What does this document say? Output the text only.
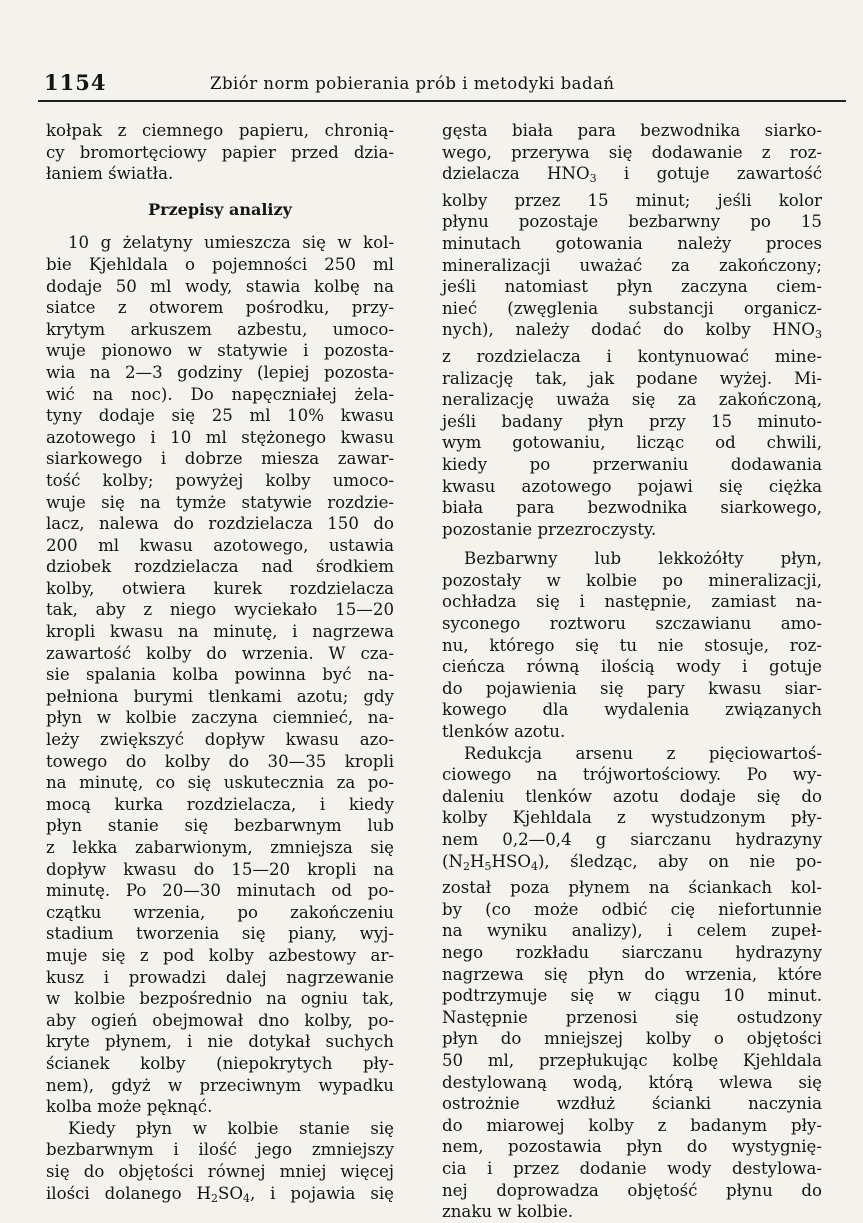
1154	Zbiór norm pobierania prób i metodyki badań
kołpak z ciemnego papieru, chronią-
cy bromortęciowy papier przed dzia-
łaniem światła.
Przepisy analizy
10 g żelatyny umieszcza się w kol-
bie Kjehldala o pojemności 250 ml
dodaje 50 ml wody, stawia kolbę na
siatce z otworem pośrodku, przy-
krytym arkuszem azbestu, umoco-
wuje pionowo w statywie i pozosta-
wia na 2—3 godziny (lepiej pozosta-
wić na noc). Do napęczniałej żela-
tyny dodaje się 25 ml 10% kwasu
azotowego i 10 ml stężonego kwasu
siarkowego i dobrze miesza zawar-
tość kolby; powyżej kolby umoco-
wuje się na tymże statywie rozdzie-
lacz, nalewa do rozdzielacza 150 do
200 ml kwasu azotowego, ustawia
dziobek rozdzielacza nad środkiem
kolby, otwiera kurek rozdzielacza
tak, aby z niego wyciekało 15—20
kropli kwasu na minutę, i nagrzewa
zawartość kolby do wrzenia. W cza-
sie spalania kolba powinna być na-
pełniona burymi tlenkami azotu; gdy
płyn w kolbie zaczyna ciemnieć, na-
leży zwiększyć dopływ kwasu azo-
towego do kolby do 30—35 kropli
na minutę, co się uskutecznia za po-
mocą kurka rozdzielacza, i kiedy
płyn stanie się bezbarwnym lub
z lekka zabarwionym, zmniejsza się
dopływ kwasu do 15—20 kropli na
minutę. Po 20—30 minutach od po-
czątku wrzenia, po zakończeniu
stadium tworzenia się piany, wyj-
muje się z pod kolby azbestowy ar-
kusz i prowadzi dalej nagrzewanie
w kolbie bezpośrednio na ogniu tak,
aby ogień obejmował dno kolby, po-
kryte płynem, i nie dotykał suchych
ścianek kolby (niepokrytych pły-
nem), gdyż w przeciwnym wypadku
kolba może pęknąć.
Kiedy płyn w kolbie stanie się
bezbarwnym i ilość jego zmniejszy
się do objętości równej mniej więcej
ilości dolanego $H_2SO_4$, i pojawia się
gęsta biała para bezwodnika siarko-
wego, przerywa się dodawanie z roz-
dzielacza $HNO_3$ i gotuje zawartość
kolby przez 15 minut; jeśli kolor
płynu pozostaje bezbarwny po 15
minutach gotowania należy proces
mineralizacji uważać za zakończony;
jeśli natomiast płyn zaczyna ciem-
nieć (zwęglenia substancji organicz-
nych), należy dodać do kolby $HNO_3$
z rozdzielacza i kontynuować mine-
ralizację tak, jak podane wyżej. Mi-
neralizację uważa się za zakończoną,
jeśli badany płyn przy 15 minuto-
wym gotowaniu, licząc od chwili,
kiedy po przerwaniu dodawania
kwasu azotowego pojawi się ciężka
biała para bezwodnika siarkowego,
pozostanie przezroczysty.
Bezbarwny lub lekkożółty płyn,
pozostały w kolbie po mineralizacji,
ochładza się i następnie, zamiast na-
syconego roztworu szczawianu amo-
nu, którego się tu nie stosuje, roz-
cieńcza równą ilością wody i gotuje
do pojawienia się pary kwasu siar-
kowego dla wydalenia związanych
tlenków azotu.
Redukcja arsenu z pięciowartoś-
ciowego na trójwortościowy. Po wy-
daleniu tlenków azotu dodaje się do
kolby Kjehldala z wystudzonym pły-
nem 0,2—0,4 g siarczanu hydrazyny
$(N_2H_5HSO_4)$, śledząc, aby on nie po-
został poza płynem na ściankach kol-
by (co może odbić cię niefortunnie
na wyniku analizy), i celem zupeł-
nego rozkładu siarczanu hydrazyny
nagrzewa się płyn do wrzenia, które
podtrzymuje się w ciągu 10 minut.
Następnie przenosi się ostudzony
płyn do mniejszej kolby o objętości
50 ml, przepłukując kolbę Kjehldala
destylowaną wodą, którą wlewa się
ostrożnie wzdłuż ścianki naczynia
do miarowej kolby z badanym pły-
nem, pozostawia płyn do wystygnię-
cia i przez dodanie wody destylowa-
nej doprowadza objętość płynu do
znaku w kolbie.
